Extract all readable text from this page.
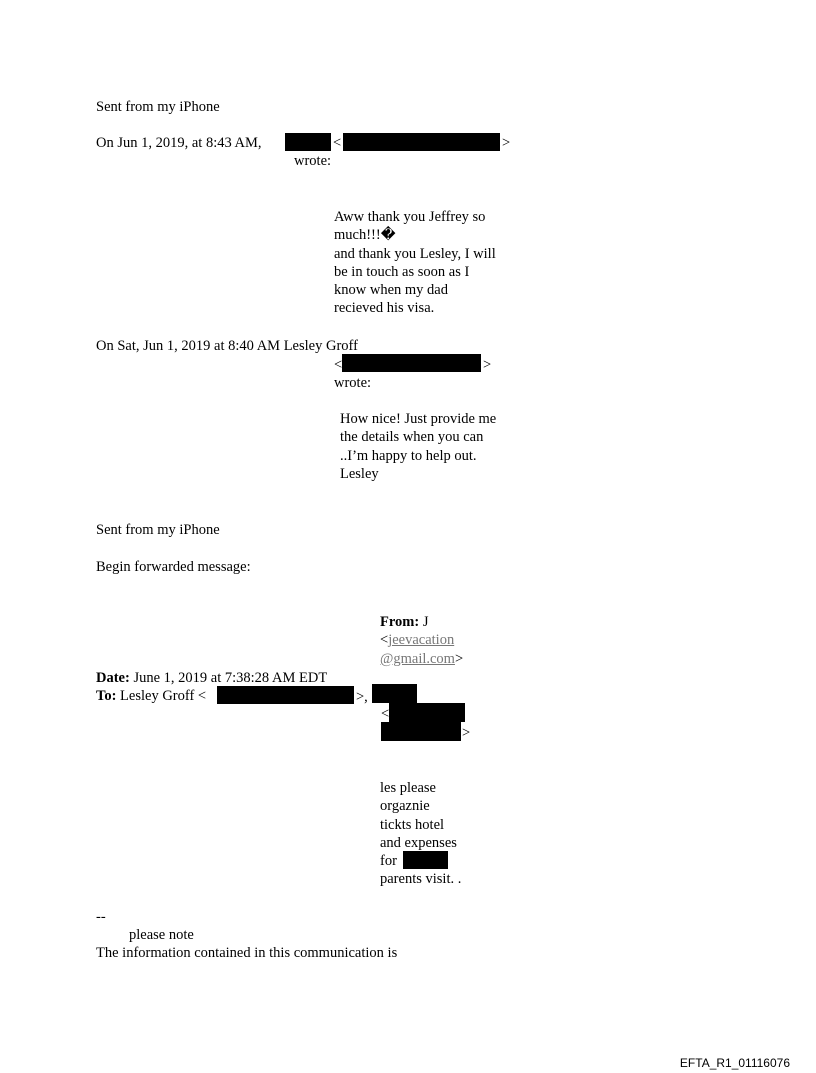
Sent from my iPhone
On Jun 1, 2019, at 8:43 AM,	<	>
wrote:
Aww thank you Jeffrey so
much!!!�
and thank you Lesley, I will
be in touch as soon as I
know when my dad
recieved his visa.
On Sat, Jun 1, 2019 at 8:40 AM Lesley Groff
<	>
wrote:
How nice! Just provide me
the details when you can
..I’m happy to help out.
Lesley
Sent from my iPhone
Begin forwarded message:
From: J
<jeevacation
@gmail.com>
Date: June 1, 2019 at 7:38:28 AM EDT
To: Lesley Groff <	>,
<
>
les please
orgaznie
tickts hotel
and expenses
for
parents visit. .
--
please note
The information contained in this communication is
EFTA_R1_01116076
